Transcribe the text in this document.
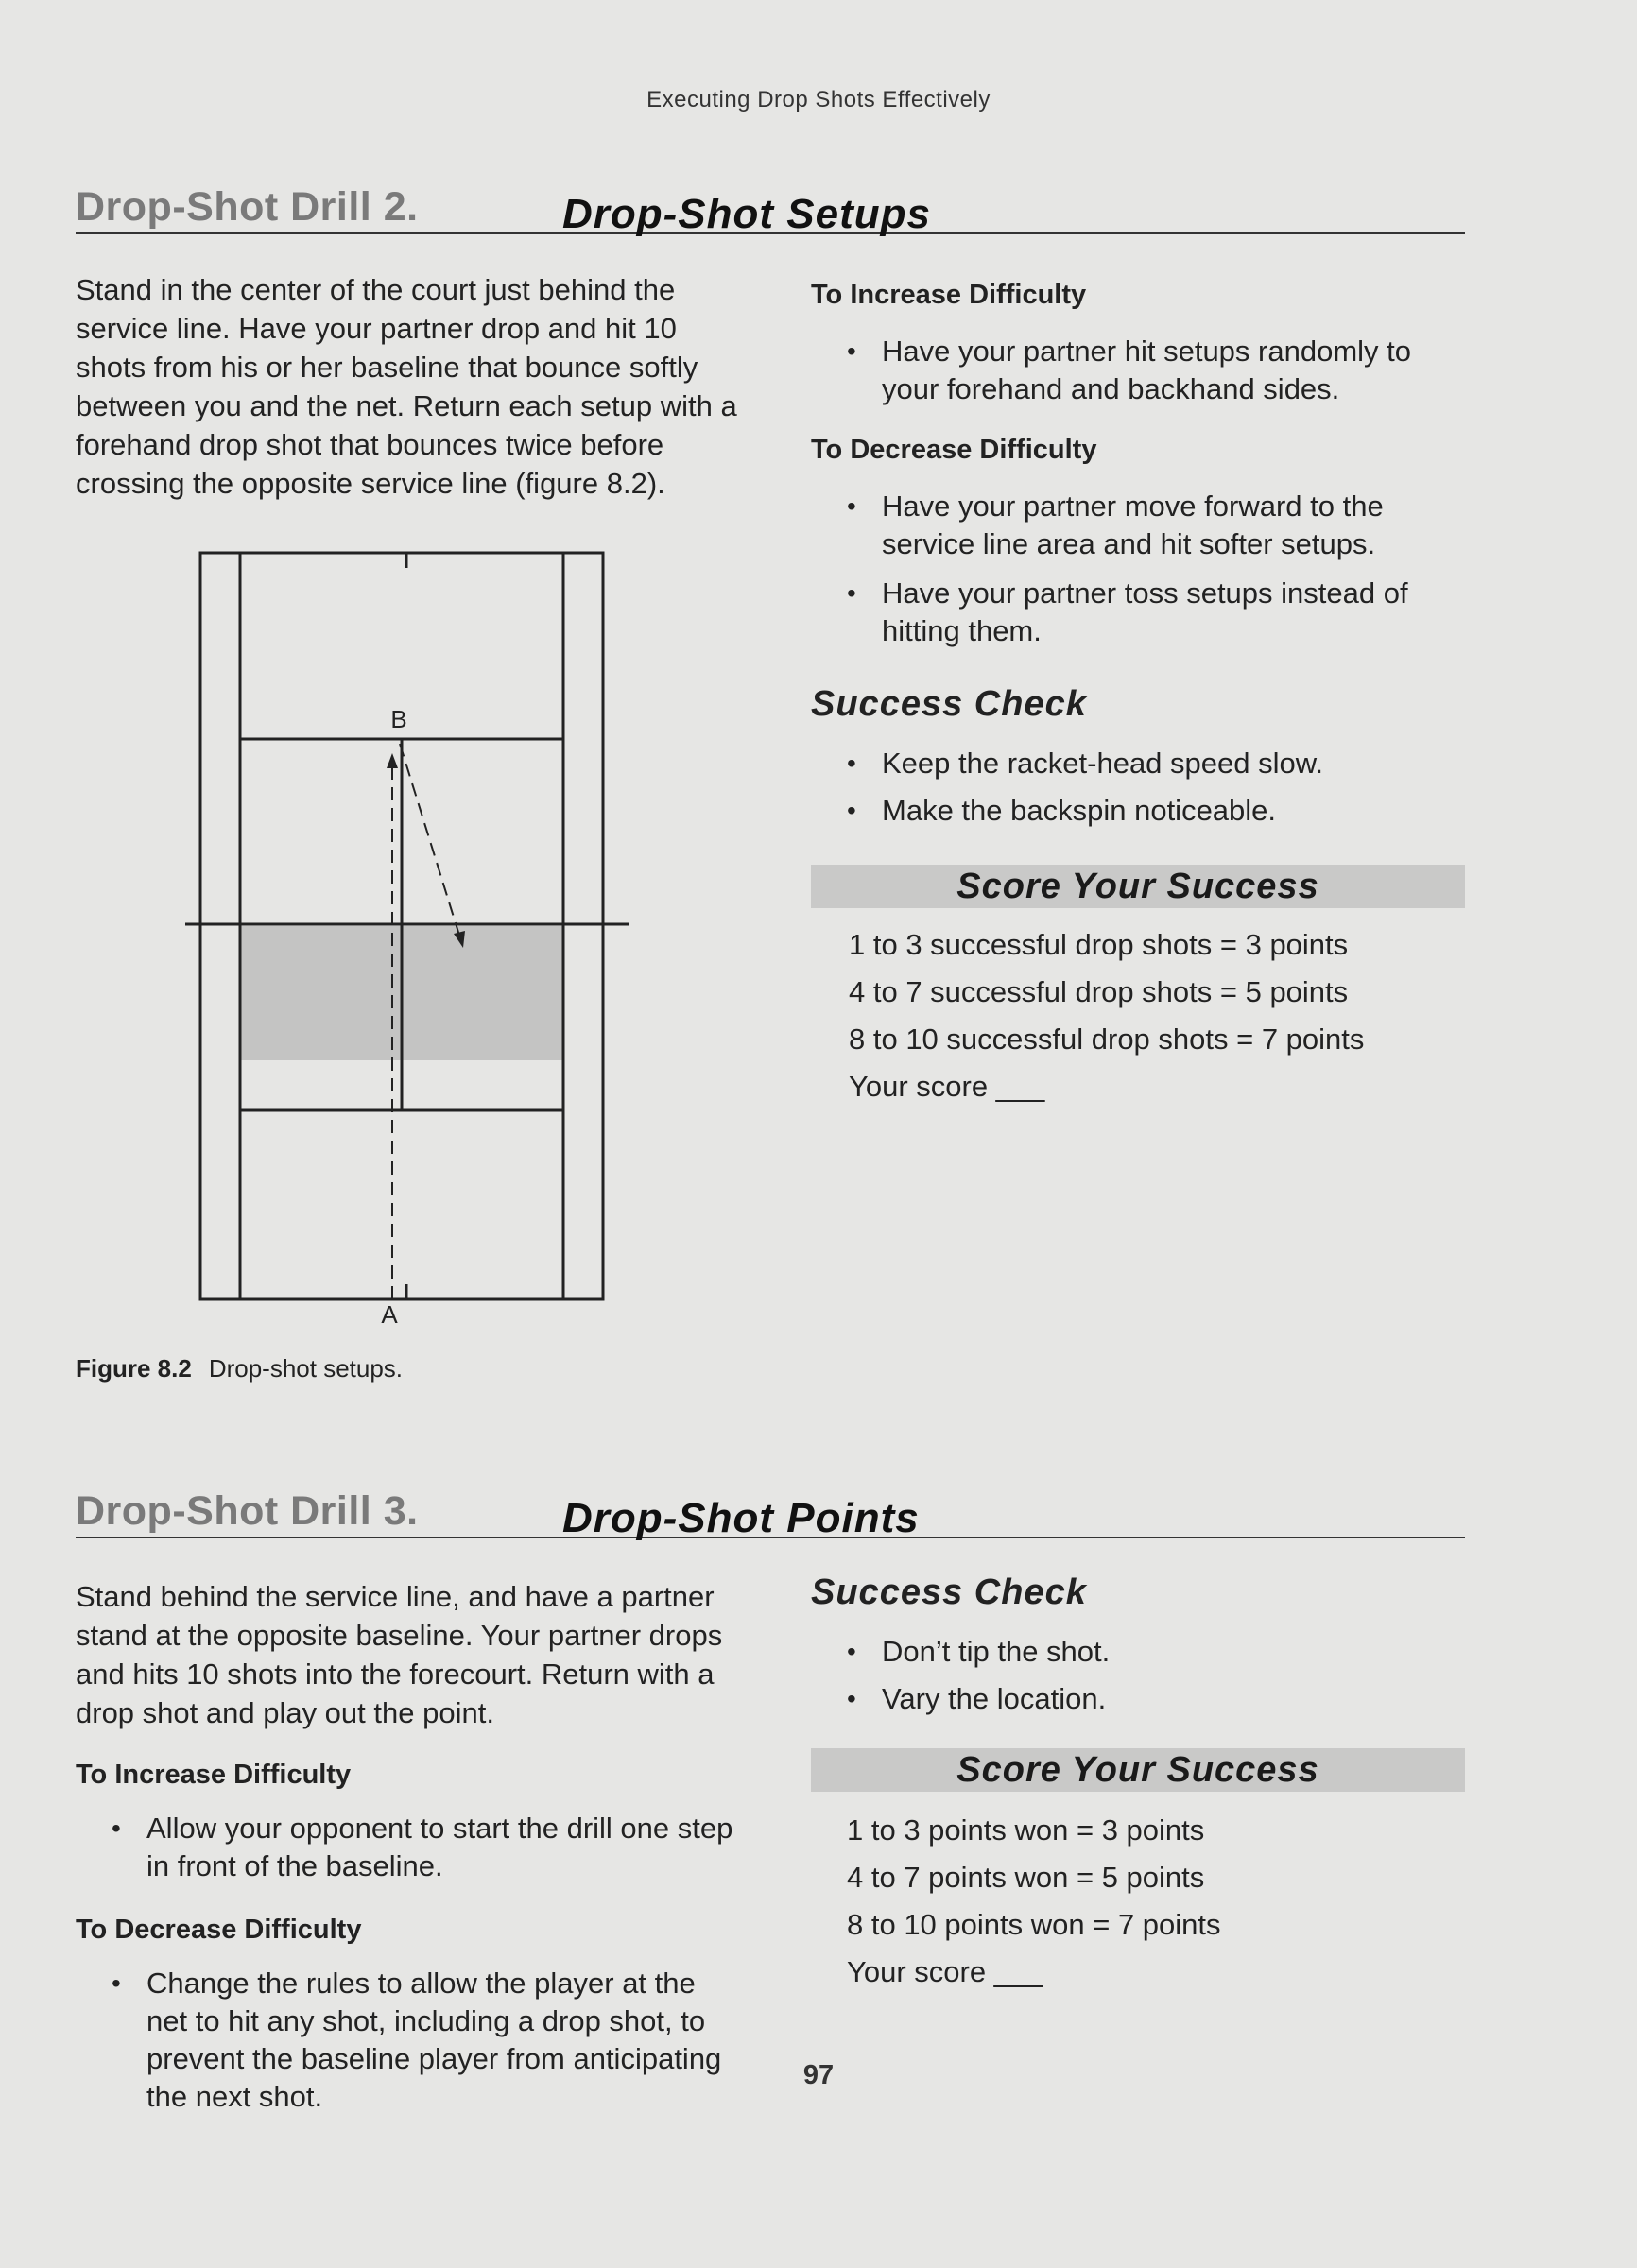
Executing Drop Shots Effectively
Drop-Shot Drill 2.	Drop-Shot Setups
Stand in the center of the court just behind the service line. Have your partner drop and hit 10 shots from his or her baseline that bounce softly between you and the net. Return each setup with a forehand drop shot that bounces twice before crossing the opposite service line (figure 8.2).
B
A
Figure 8.2 Drop-shot setups.
To Increase Difficulty
• Have your partner hit setups randomly to your forehand and backhand sides.
To Decrease Difficulty
• Have your partner move forward to the service line area and hit softer setups.
• Have your partner toss setups instead of hitting them.
Success Check
• Keep the racket-head speed slow.
• Make the backspin noticeable.
Score Your Success
1 to 3 successful drop shots = 3 points
4 to 7 successful drop shots = 5 points
8 to 10 successful drop shots = 7 points
Your score ___
Drop-Shot Drill 3.	Drop-Shot Points
Stand behind the service line, and have a partner stand at the opposite baseline. Your partner drops and hits 10 shots into the forecourt. Return with a drop shot and play out the point.
To Increase Difficulty
• Allow your opponent to start the drill one step in front of the baseline.
To Decrease Difficulty
• Change the rules to allow the player at the net to hit any shot, including a drop shot, to prevent the baseline player from anticipating the next shot.
Success Check
• Don’t tip the shot.
• Vary the location.
Score Your Success
1 to 3 points won = 3 points
4 to 7 points won = 5 points
8 to 10 points won = 7 points
Your score ___
97
